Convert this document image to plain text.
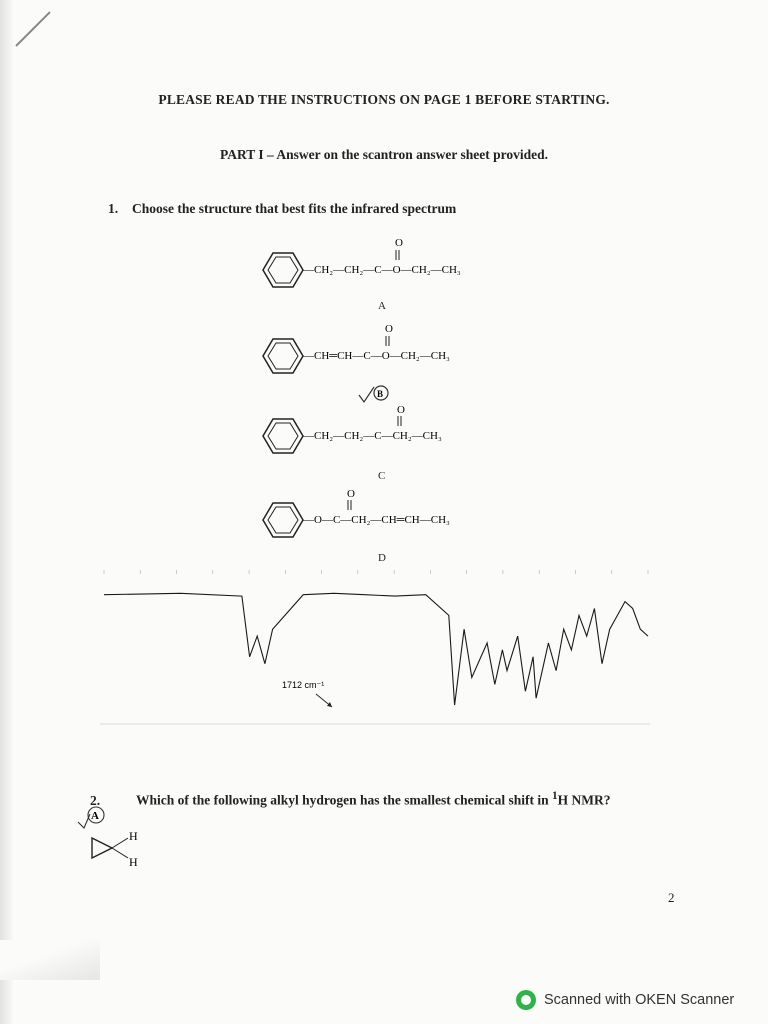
PLEASE READ THE INSTRUCTIONS ON PAGE 1 BEFORE STARTING.
PART I – Answer on the scantron answer sheet provided.
1. Choose the structure that best fits the infrared spectrum
O
—CH₂—CH₂—C—O—CH₂—CH₃
A
O
—CH═CH—C—O—CH₂—CH₃
B
O
—CH₂—CH₂—C—CH₂—CH₃
C
O
—O—C—CH₂—CH═CH—CH₃
D
1712 cm⁻¹
2.	Which of the following alkyl hydrogen has the smallest chemical shift in $^1$H NMR?
A
H
H
2
Scanned with OKEN Scanner
